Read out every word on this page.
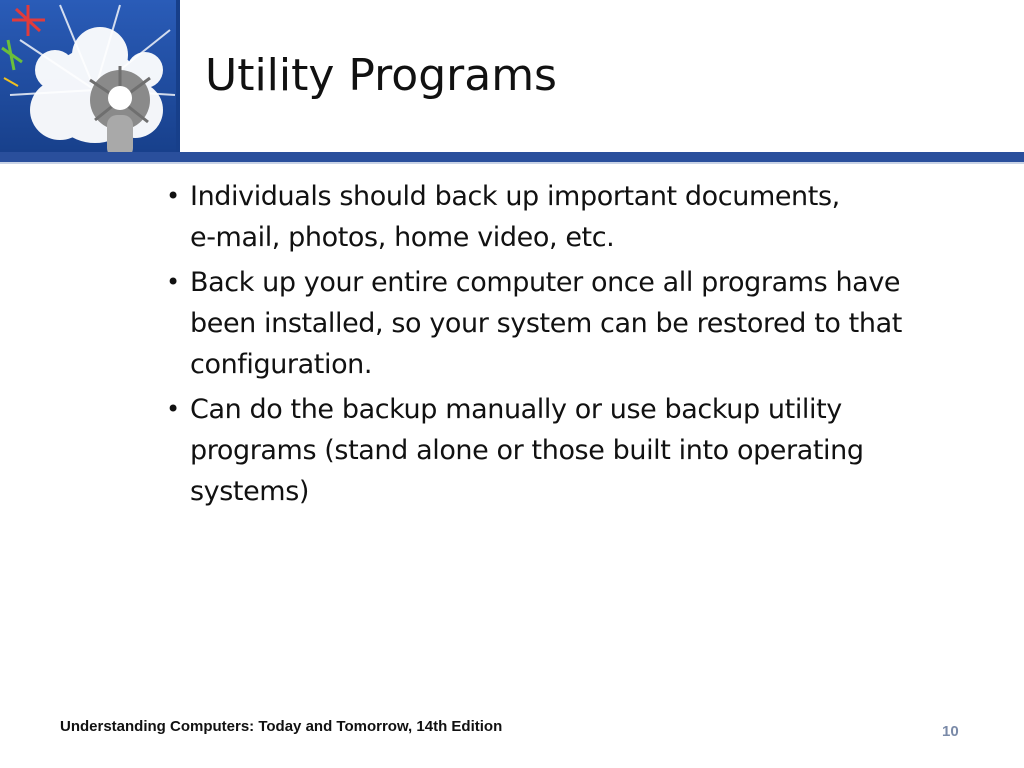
Utility Programs
• Individuals should back up important documents,
e-mail, photos, home video, etc.
• Back up your entire computer once all programs have
been installed, so your system can be restored to that
configuration.
• Can do the backup manually or use backup utility
programs (stand alone or those built into operating
systems)
Understanding Computers: Today and Tomorrow, 14th Edition	10
